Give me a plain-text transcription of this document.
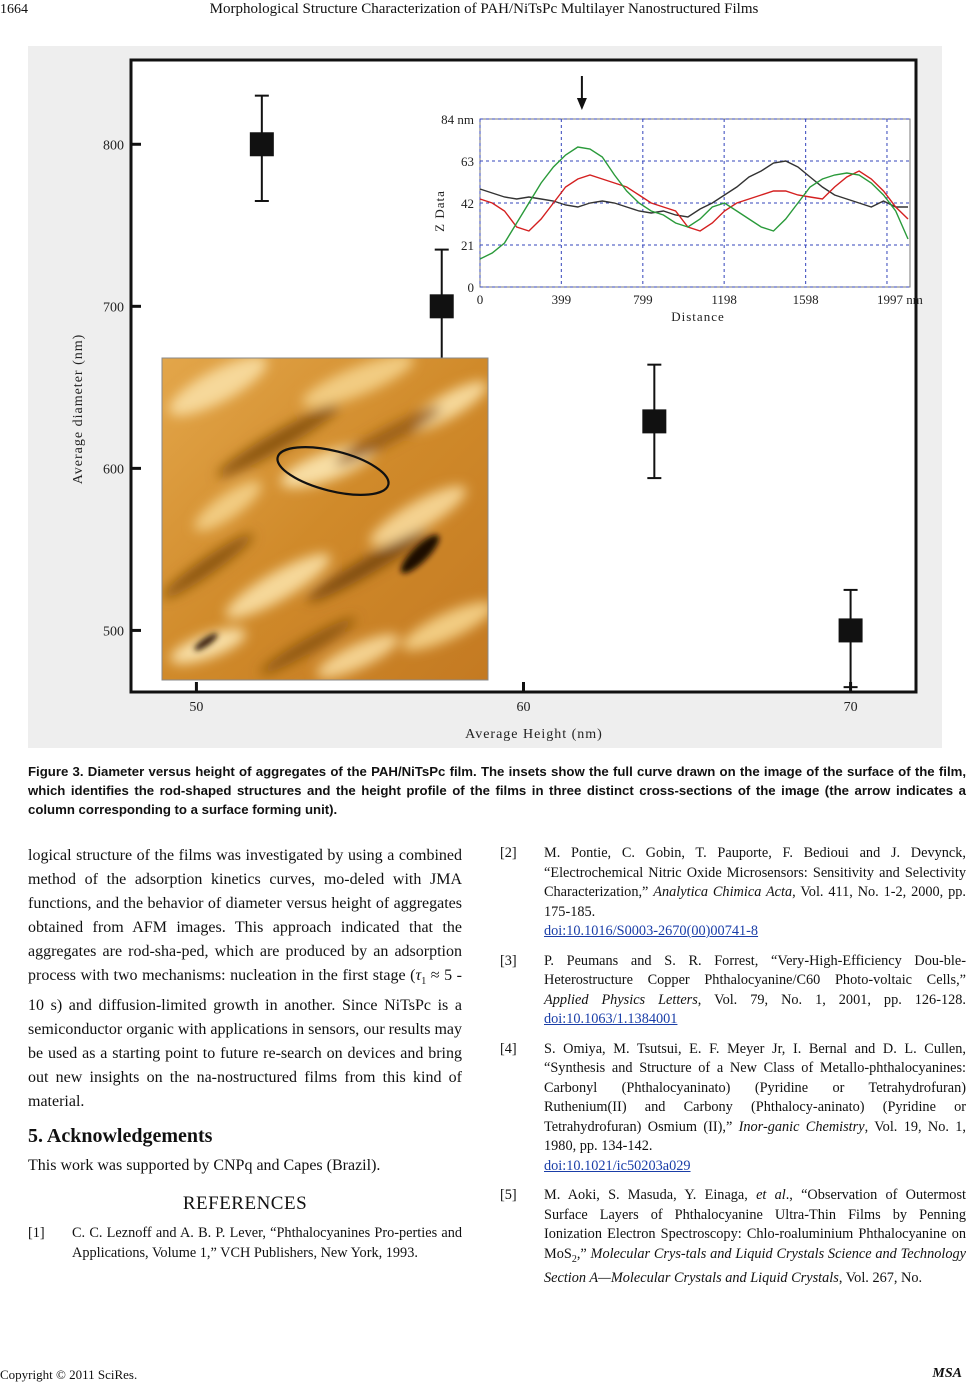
1664	Morphological Structure Characterization of PAH/NiTsPc Multilayer Nanostructured Films
500
600
700
800
50	60	70
Average Height (nm)
Average diameter (nm)
0
21
42
63
84 nm
0	399	799	1198	1598	1997 nm
Z Data
Distance
Figure 3. Diameter versus height of aggregates of the PAH/NiTsPc film. The insets show the full curve drawn on the image of the surface of the film, which identifies the rod-shaped structures and the height profile of the films in three distinct cross-sections of the image (the arrow indicates a column corresponding to a surface forming unit).

logical structure of the films was investigated by using a combined method of the adsorption kinetics curves, mo-deled with JMA functions, and the behavior of diameter versus height of aggregates obtained from AFM images. This approach indicated that the aggregates are rod-sha-ped, which are produced by an adsorption process with two mechanisms: nucleation in the first stage ($\tau_1 \approx 5 - 10$ s) and diffusion-limited growth in another. Since NiTsPc is a semiconductor organic with applications in sensors, our results may be used as a starting point to future re-search on devices and bring out new insights on the na-nostructured films from this kind of material.

5. Acknowledgements

This work was supported by CNPq and Capes (Brazil).

REFERENCES

[1]	C. C. Leznoff and A. B. P. Lever, “Phthalocyanines Pro-perties and Applications, Volume 1,” VCH Publishers, New York, 1993.
[2]	M. Pontie, C. Gobin, T. Pauporte, F. Bedioui and J. Devynck, “Electrochemical Nitric Oxide Microsensors: Sensitivity and Selectivity Characterization,” Analytica Chimica Acta, Vol. 411, No. 1-2, 2000, pp. 175-185.
doi:10.1016/S0003-2670(00)00741-8
[3]	P. Peumans and S. R. Forrest, “Very-High-Efficiency Dou-ble-Heterostructure Copper Phthalocyanine/C60 Photo-voltaic Cells,” Applied Physics Letters, Vol. 79, No. 1, 2001, pp. 126-128. doi:10.1063/1.1384001
[4]	S. Omiya, M. Tsutsui, E. F. Meyer Jr, I. Bernal and D. L. Cullen, “Synthesis and Structure of a New Class of Metallo-phthalocyanines: Carbonyl (Phthalocyaninato) (Pyridine or Tetrahydrofuran) Ruthenium(II) and Carbony (Phthalocy-aninato) (Pyridine or Tetrahydrofuran) Osmium (II),” Inor-ganic Chemistry, Vol. 19, No. 1, 1980, pp. 134-142.
doi:10.1021/ic50203a029
[5]	M. Aoki, S. Masuda, Y. Einaga, et al., “Observation of Outermost Surface Layers of Phthalocyanine Ultra-Thin Films by Penning Ionization Electron Spectroscopy: Chlo-roaluminium Phthalocyanine on MoS$_2$,” Molecular Crys-tals and Liquid Crystals Science and Technology Section A—Molecular Crystals and Liquid Crystals, Vol. 267, No.
Copyright © 2011 SciRes.	MSA
